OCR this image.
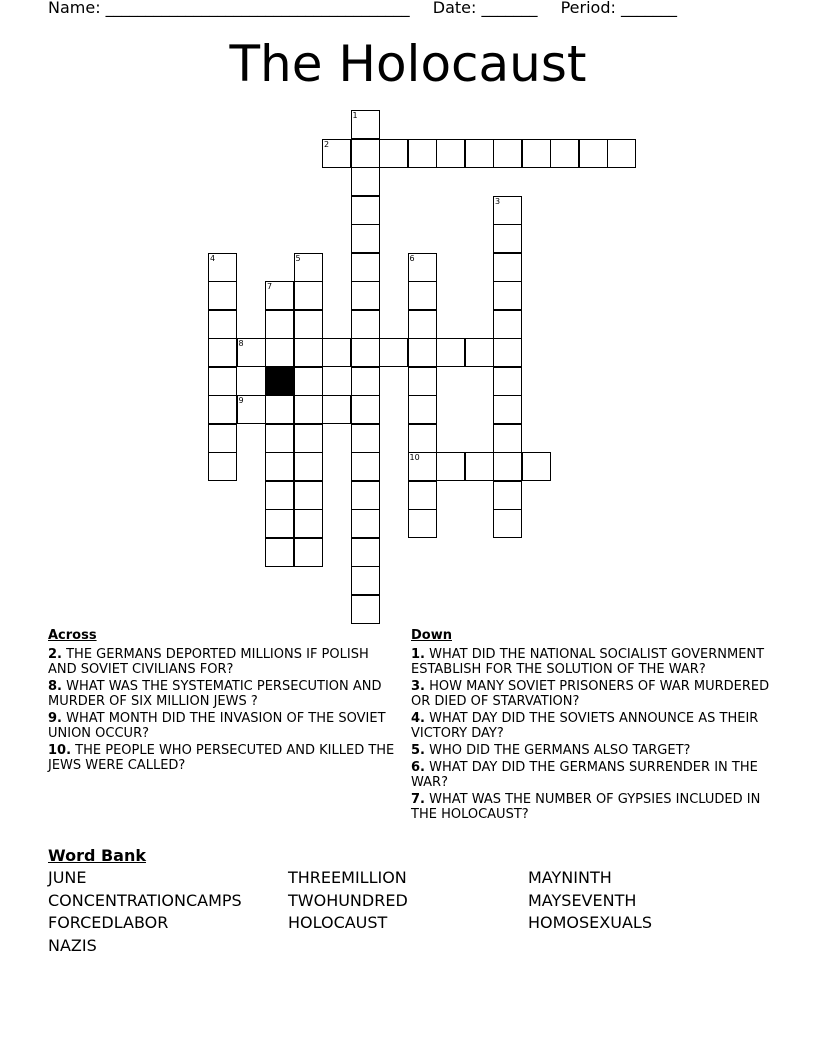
Name: ______________________________________ Date: _______ Period: _______
The Holocaust
1
2
3
4	5	6
10
7
8
9
Across
2. THE GERMANS DEPORTED MILLIONS IF POLISH AND SOVIET CIVILIANS FOR?
8. WHAT WAS THE SYSTEMATIC PERSECUTION AND MURDER OF SIX MILLION JEWS ?
9. WHAT MONTH DID THE INVASION OF THE SOVIET UNION OCCUR?
10. THE PEOPLE WHO PERSECUTED AND KILLED THE JEWS WERE CALLED?
Down
1. WHAT DID THE NATIONAL SOCIALIST GOVERNMENT ESTABLISH FOR THE SOLUTION OF THE WAR?
3. HOW MANY SOVIET PRISONERS OF WAR MURDERED OR DIED OF STARVATION?
4. WHAT DAY DID THE SOVIETS ANNOUNCE AS THEIR VICTORY DAY?
5. WHO DID THE GERMANS ALSO TARGET?
6. WHAT DAY DID THE GERMANS SURRENDER IN THE WAR?
7. WHAT WAS THE NUMBER OF GYPSIES INCLUDED IN THE HOLOCAUST?
Word Bank
JUNE	THREEMILLION	MAYNINTH
CONCENTRATIONCAMPS	TWOHUNDRED	MAYSEVENTH
FORCEDLABOR	HOLOCAUST	HOMOSEXUALS
NAZIS
